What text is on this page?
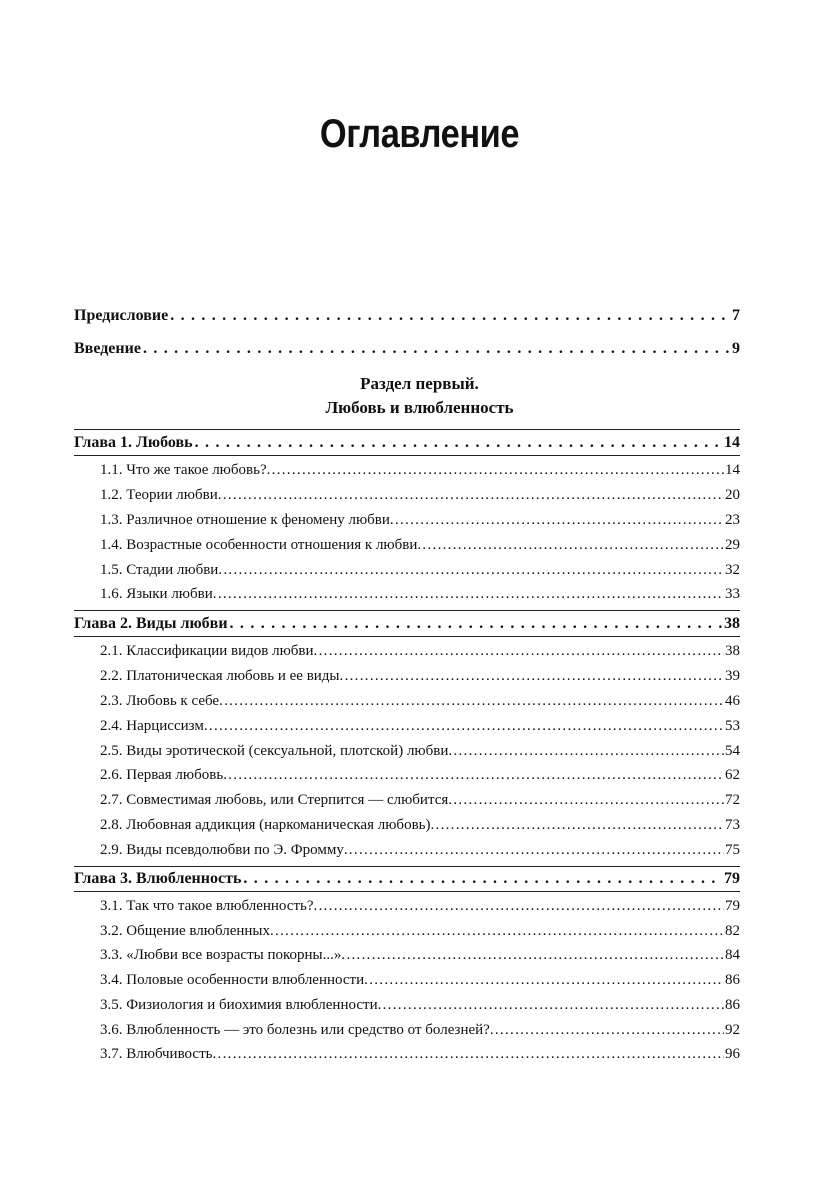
Оглавление
Раздел первый.
Любовь и влюбленность
Предисловие . . .	7
Введение . . .	9
Глава 1. Любовь . . .	14
1.1. Что же такое любовь? .....	14
1.2. Теории любви .....	20
1.3. Различное отношение к феномену любви .....	23
1.4. Возрастные особенности отношения к любви .....	29
1.5. Стадии любви .....	32
1.6. Языки любви .....	33
Глава 2. Виды любви . . .	38
2.1. Классификации видов любви .....	38
2.2. Платоническая любовь и ее виды .....	39
2.3. Любовь к себе .....	46
2.4. Нарциссизм .....	53
2.5. Виды эротической (сексуальной, плотской) любви .....	54
2.6. Первая любовь .....	62
2.7. Совместимая любовь, или Стерпится — слюбится .....	72
2.8. Любовная аддикция (наркоманическая любовь) .....	73
2.9. Виды псевдолюбви по Э. Фромму .....	75
Глава 3. Влюбленность . . .	79
3.1. Так что такое влюбленность? .....	79
3.2. Общение влюбленных .....	82
3.3. «Любви все возрасты покорны...» .....	84
3.4. Половые особенности влюбленности .....	86
3.5. Физиология и биохимия влюбленности .....	86
3.6. Влюбленность — это болезнь или средство от болезней? .....	92
3.7. Влюбчивость .....	96
